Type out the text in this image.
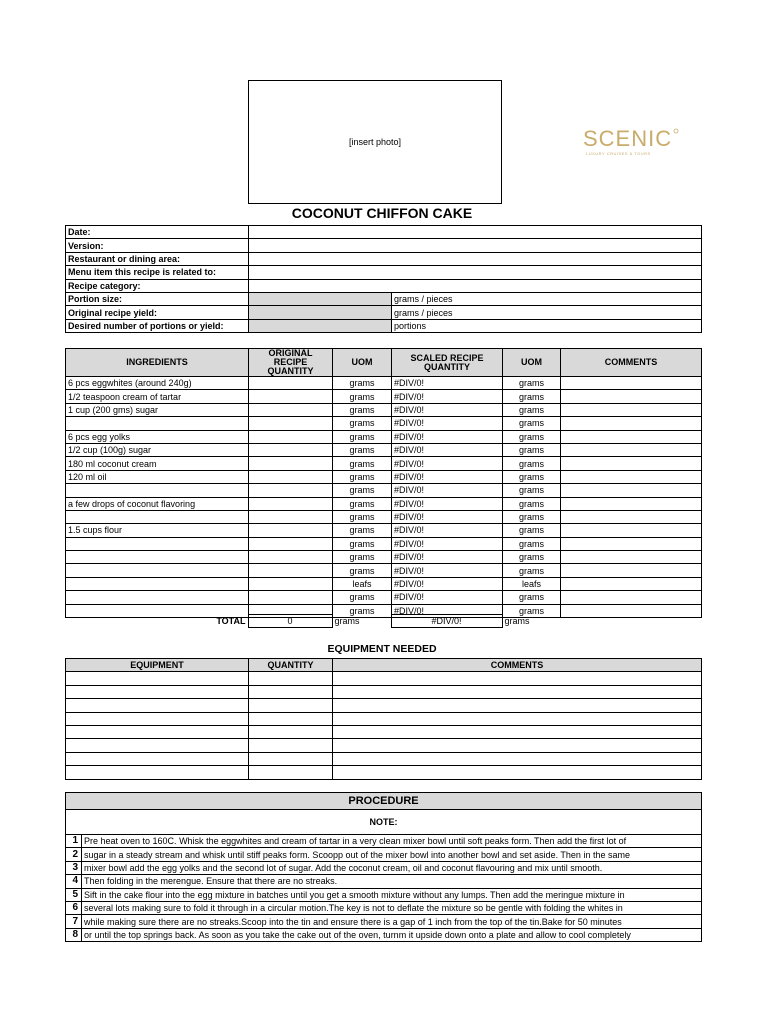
[insert photo]	SCENIC
LUXURY CRUISES & TOURS
COCONUT CHIFFON CAKE
Date:		
Version:		
Restaurant or dining area:		
Menu item this recipe is related to:		
Recipe category:		
Portion size:		grams / pieces
Original recipe yield:		grams / pieces
Desired number of portions or yield:		portions
INGREDIENTS	ORIGINAL RECIPE QUANTITY	UOM	SCALED RECIPE QUANTITY	UOM	COMMENTS

6 pcs eggwhites (around 240g)		grams	#DIV/0!	grams	
1/2 teaspoon cream of tartar		grams	#DIV/0!	grams	
1 cup (200 gms) sugar		grams	#DIV/0!	grams	
		grams	#DIV/0!	grams	
6 pcs egg yolks		grams	#DIV/0!	grams	
1/2 cup (100g) sugar		grams	#DIV/0!	grams	
180 ml coconut cream		grams	#DIV/0!	grams	
120 ml oil		grams	#DIV/0!	grams	
		grams	#DIV/0!	grams	
a few drops of coconut flavoring		grams	#DIV/0!	grams	
		grams	#DIV/0!	grams	
1.5 cups flour		grams	#DIV/0!	grams	
		grams	#DIV/0!	grams	
		grams	#DIV/0!	grams	
		grams	#DIV/0!	grams	
		leafs	#DIV/0!	leafs	
		grams	#DIV/0!	grams	
		grams	#DIV/0!	grams	
TOTAL	0	grams	#DIV/0!	grams	
EQUIPMENT NEEDED
EQUIPMENT	QUANTITY	COMMENTS

PROCEDURE	
NOTE:	
1	Pre heat oven to 160C. Whisk the eggwhites and cream of tartar in a very clean mixer bowl until soft peaks form. Then add the first lot of
2	sugar in a steady stream and whisk until stiff peaks form. Scoopp out of the mixer bowl into another bowl and set aside. Then in the same
3	mixer bowl add the egg yolks and the second lot of sugar. Add the coconut cream, oil and coconut flavouring and mix until smooth.
4	Then folding in the merengue. Ensure that there are no streaks.
5	Sift in the cake flour into the egg mixture in batches until you get a smooth mixture without any lumps. Then add the meringue mixture in
6	several lots making sure to fold it through in a circular motion.The key is not to deflate the mixture so be gentle with folding the whites in
7	while making sure there are no streaks.Scoop into the tin and ensure there is a gap of 1 inch from the top of the tin.Bake for 50 minutes
8	or until the top springs back. As soon as you take the cake out of the oven, turnm it upside down onto a plate and allow to cool completely
